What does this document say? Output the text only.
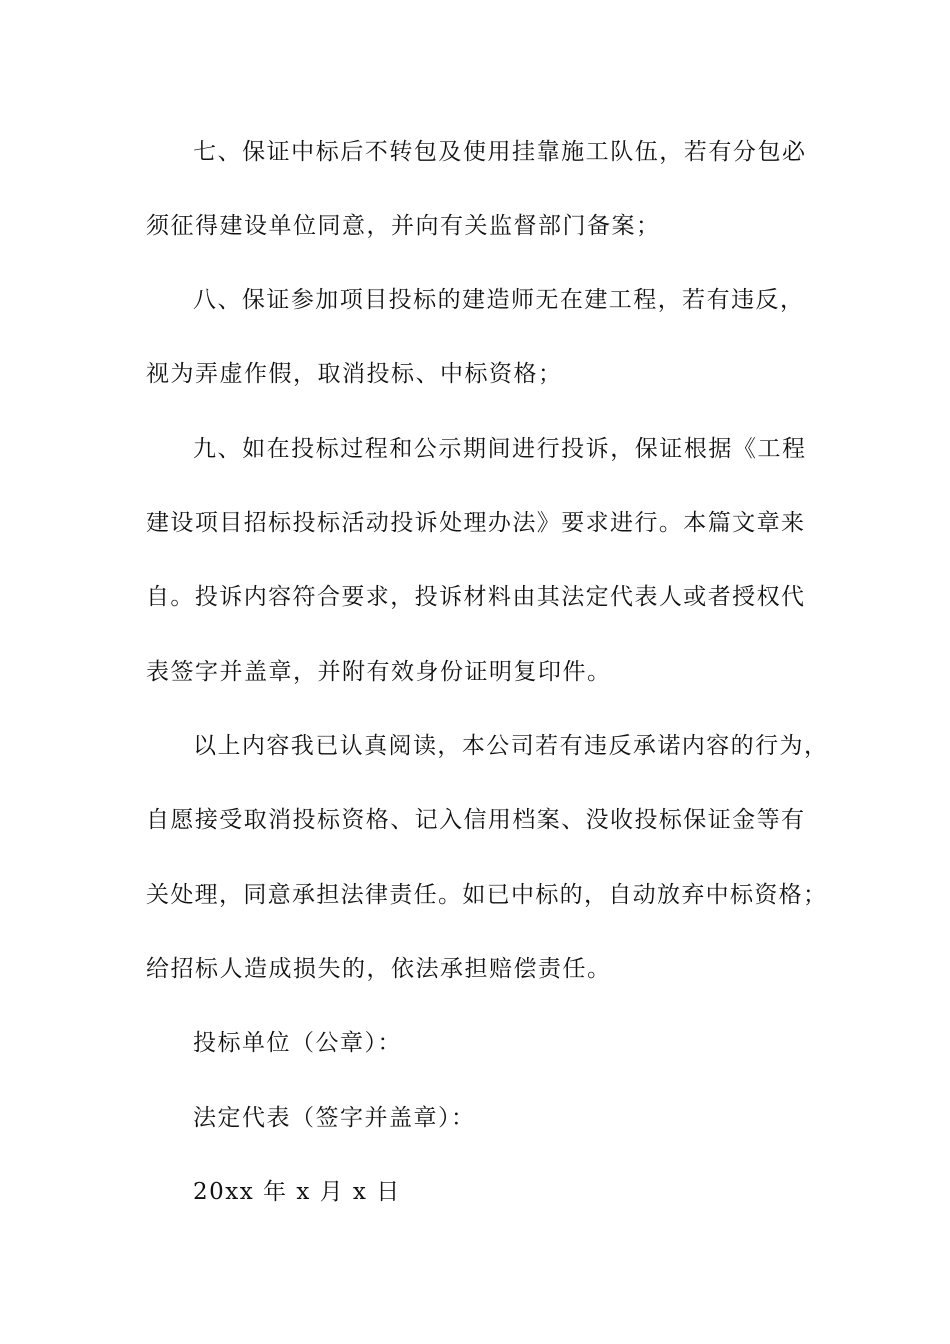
七、保证中标后不转包及使用挂靠施工队伍，若有分包必
须征得建设单位同意，并向有关监督部门备案；
八、保证参加项目投标的建造师无在建工程，若有违反，
视为弄虚作假，取消投标、中标资格；
九、如在投标过程和公示期间进行投诉，保证根据《工程
建设项目招标投标活动投诉处理办法》要求进行。本篇文章来
自。投诉内容符合要求，投诉材料由其法定代表人或者授权代
表签字并盖章，并附有效身份证明复印件。
以上内容我已认真阅读，本公司若有违反承诺内容的行为，
自愿接受取消投标资格、记入信用档案、没收投标保证金等有
关处理，同意承担法律责任。如已中标的，自动放弃中标资格；
给招标人造成损失的，依法承担赔偿责任。
投标单位（公章）：
法定代表（签字并盖章）：
20xx 年 x 月 x 日
